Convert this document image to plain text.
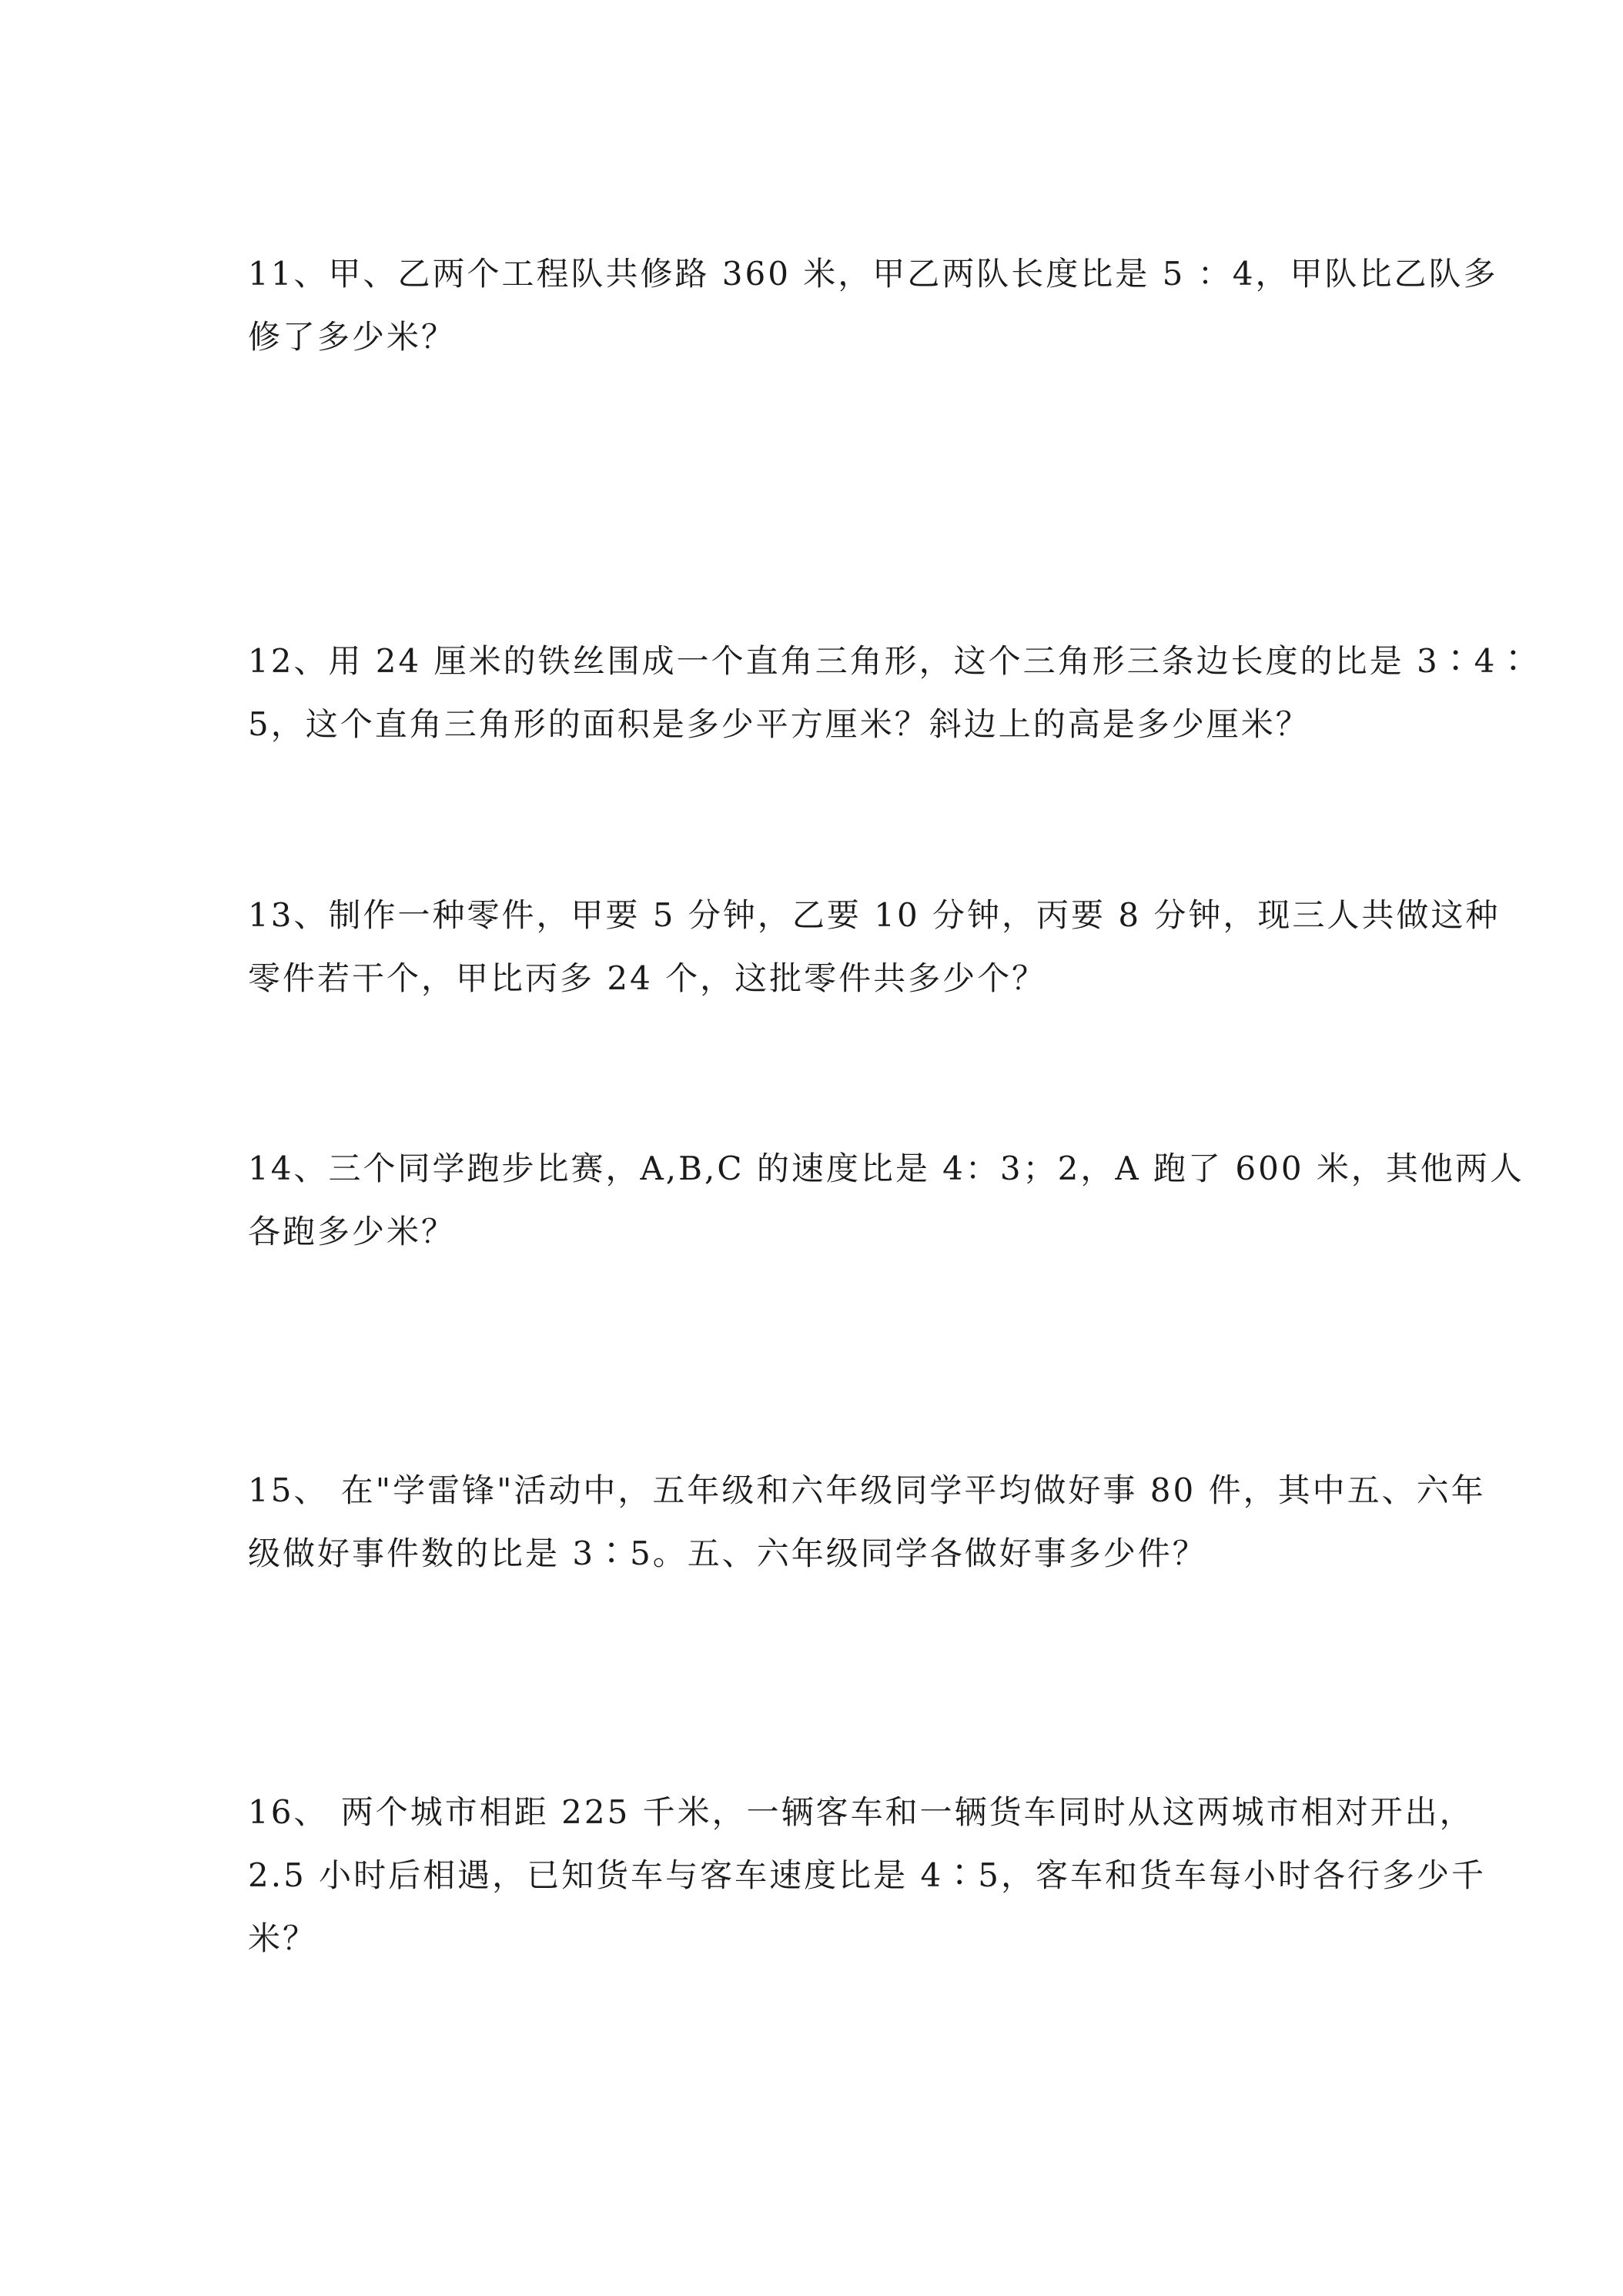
11、甲、乙两个工程队共修路 360 米，甲乙两队长度比是 5 ：4，甲队比乙队多
修了多少米？

12、用 24 厘米的铁丝围成一个直角三角形，这个三角形三条边长度的比是 3∶4∶
5，这个直角三角形的面积是多少平方厘米？斜边上的高是多少厘米？

13、制作一种零件，甲要 5 分钟，乙要 10 分钟，丙要 8 分钟，现三人共做这种
零件若干个，甲比丙多 24 个，这批零件共多少个？

14、三个同学跑步比赛，A,B,C 的速度比是 4：3；2，A 跑了 600 米，其他两人
各跑多少米？

15、 在"学雷锋"活动中，五年级和六年级同学平均做好事 80 件，其中五、六年
级做好事件数的比是 3∶5。五、六年级同学各做好事多少件？

16、 两个城市相距 225 千米，一辆客车和一辆货车同时从这两城市相对开出，
2.5 小时后相遇，已知货车与客车速度比是 4∶5，客车和货车每小时各行多少千
米？
